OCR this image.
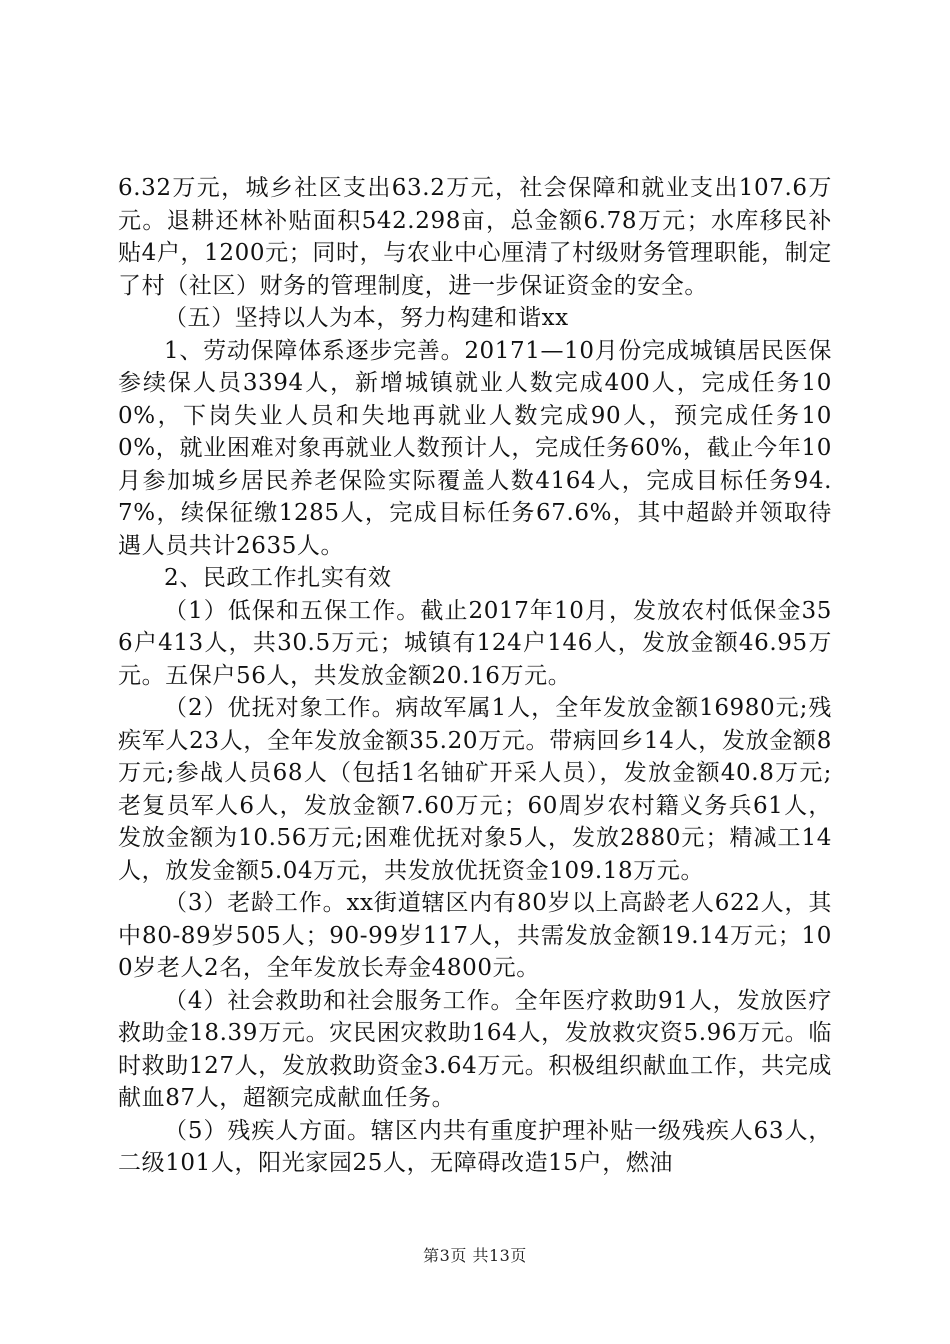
6.32万元，城乡社区支出63.2万元，社会保障和就业支出107.6万元。退耕还林补贴面积542.298亩，总金额6.78万元；水库移民补贴4户，1200元；同时，与农业中心厘清了村级财务管理职能，制定了村（社区）财务的管理制度，进一步保证资金的安全。

（五）坚持以人为本，努力构建和谐xx

1、劳动保障体系逐步完善。20171—10月份完成城镇居民医保参续保人员3394人，新增城镇就业人数完成400人，完成任务100%，下岗失业人员和失地再就业人数完成90人，预完成任务100%，就业困难对象再就业人数预计人，完成任务60%，截止今年10月参加城乡居民养老保险实际覆盖人数4164人，完成目标任务94.7%，续保征缴1285人，完成目标任务67.6%，其中超龄并领取待遇人员共计2635人。

2、民政工作扎实有效

（1）低保和五保工作。截止2017年10月，发放农村低保金356户413人，共30.5万元；城镇有124户146人，发放金额46.95万元。五保户56人，共发放金额20.16万元。

（2）优抚对象工作。病故军属1人，全年发放金额16980元;残疾军人23人，全年发放金额35.20万元。带病回乡14人，发放金额8万元;参战人员68人（包括1名铀矿开采人员），发放金额40.8万元;老复员军人6人，发放金额7.60万元；60周岁农村籍义务兵61人，发放金额为10.56万元;困难优抚对象5人，发放2880元；精减工14人，放发金额5.04万元，共发放优抚资金109.18万元。

（3）老龄工作。xx街道辖区内有80岁以上高龄老人622人，其中80-89岁505人；90-99岁117人，共需发放金额19.14万元；100岁老人2名，全年发放长寿金4800元。

（4）社会救助和社会服务工作。全年医疗救助91人，发放医疗救助金18.39万元。灾民困灾救助164人，发放救灾资5.96万元。临时救助127人，发放救助资金3.64万元。积极组织献血工作，共完成献血87人，超额完成献血任务。

（5）残疾人方面。辖区内共有重度护理补贴一级残疾人63人，二级101人，阳光家园25人，无障碍改造15户，燃油

第3页 共13页
